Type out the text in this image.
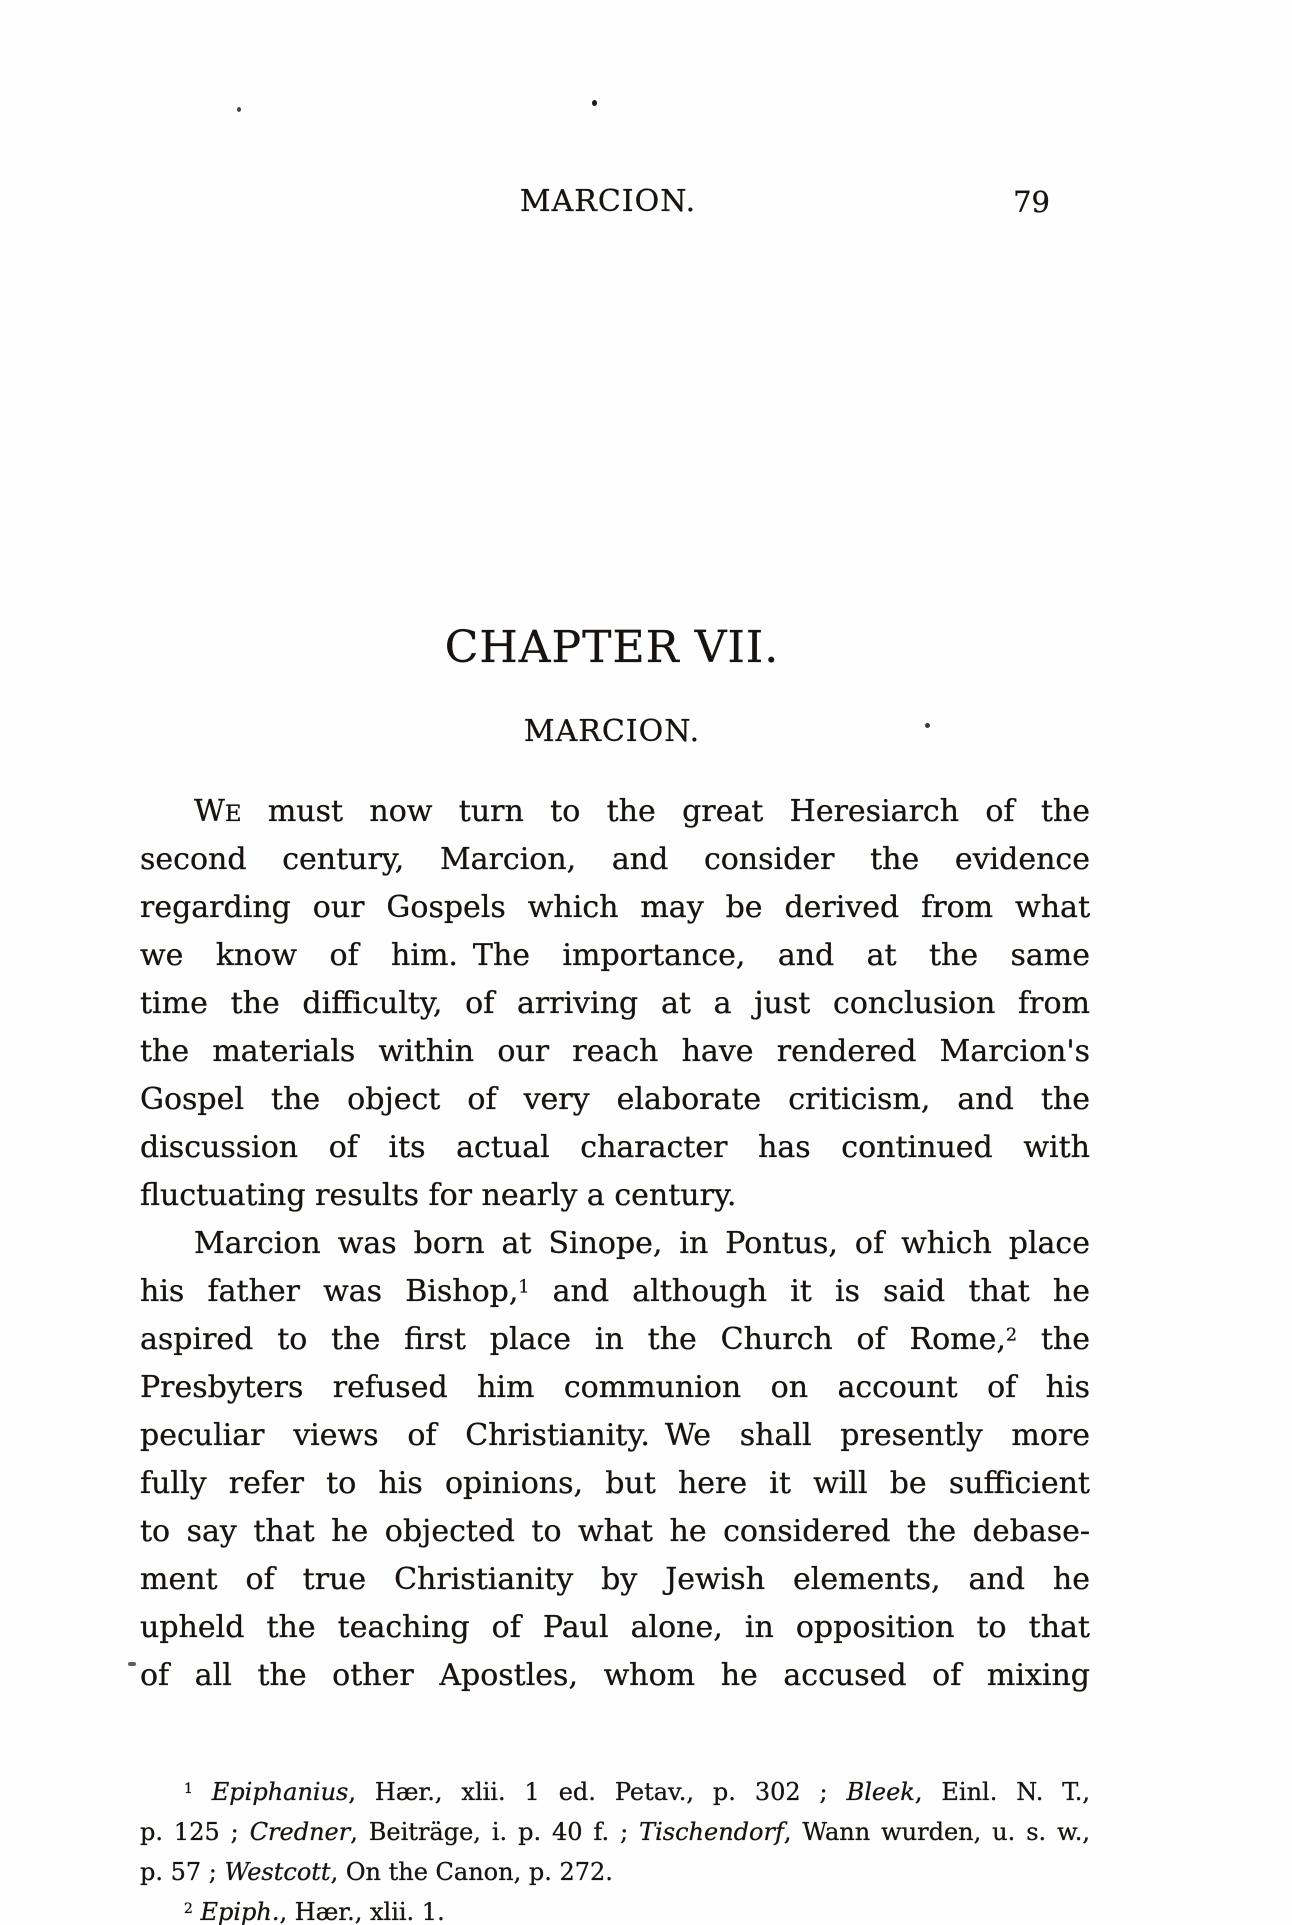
MARCION.	79
CHAPTER VII.
MARCION.
WE must now turn to the great Heresiarch of the
second century, Marcion, and consider the evidence
regarding our Gospels which may be derived from what
we know of him. The importance, and at the same
time the difficulty, of arriving at a just conclusion from
the materials within our reach have rendered Marcion's
Gospel the object of very elaborate criticism, and the
discussion of its actual character has continued with
fluctuating results for nearly a century.
Marcion was born at Sinope, in Pontus, of which place
his father was Bishop,$^1$ and although it is said that he
aspired to the first place in the Church of Rome,$^2$ the
Presbyters refused him communion on account of his
peculiar views of Christianity. We shall presently more
fully refer to his opinions, but here it will be sufficient
to say that he objected to what he considered the debase-
ment of true Christianity by Jewish elements, and he
upheld the teaching of Paul alone, in opposition to that
of all the other Apostles, whom he accused of mixing
$^1$ Epiphanius, Hær., xlii. 1 ed. Petav., p. 302 ; Bleek, Einl. N. T.,
p. 125 ; Credner, Beiträge, i. p. 40 f. ; Tischendorf, Wann wurden, u. s. w.,
p. 57 ; Westcott, On the Canon, p. 272.
$^2$ Epiph., Hær., xlii. 1.
